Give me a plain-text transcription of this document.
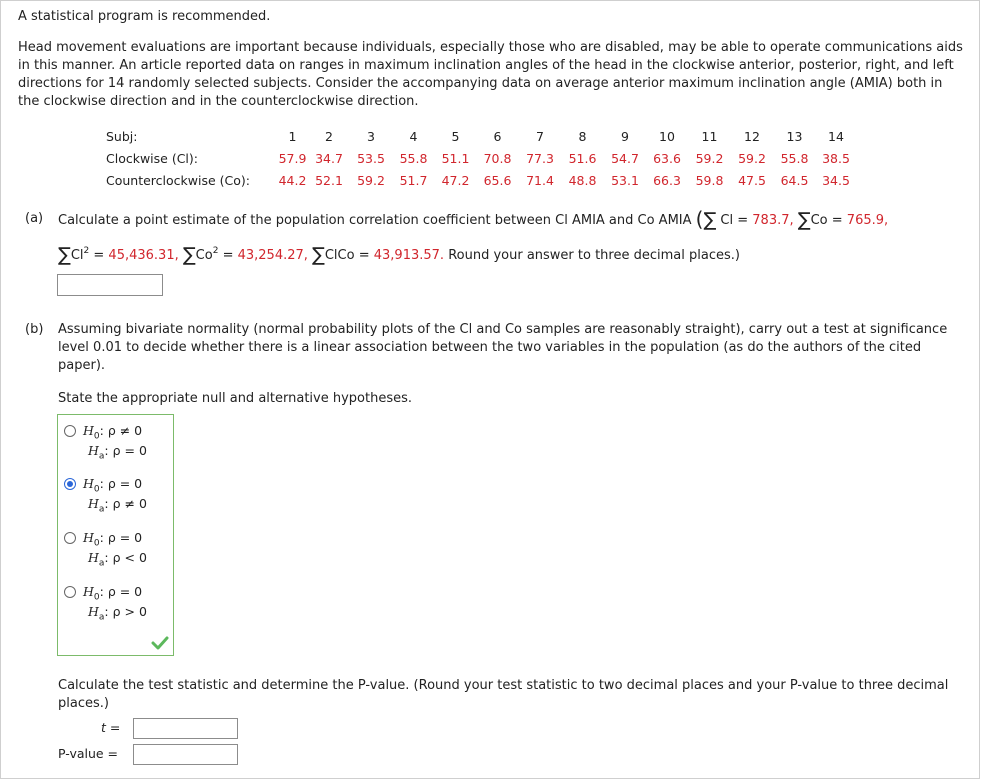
A statistical program is recommended.
Head movement evaluations are important because individuals, especially those who are disabled, may be able to operate communications aids in this manner. An article reported data on ranges in maximum inclination angles of the head in the clockwise anterior, posterior, right, and left directions for 14 randomly selected subjects. Consider the accompanying data on average anterior maximum inclination angle (AMIA) both in the clockwise direction and in the counterclockwise direction.
Subj:	1	2	3	4	5	6	7	8	9	10	11	12	13	14
Clockwise (Cl):	57.9	34.7	53.5	55.8	51.1	70.8	77.3	51.6	54.7	63.6	59.2	59.2	55.8	38.5
Counterclockwise (Co):	44.2	52.1	59.2	51.7	47.2	65.6	71.4	48.8	53.1	66.3	59.8	47.5	64.5	34.5
(a) Calculate a point estimate of the population correlation coefficient between Cl AMIA and Co AMIA (∑ Cl = 783.7, ∑Co = 765.9,
$\sum Cl^2 = 45,436.31$, $\sum Co^2 = 43,254.27$, ∑ClCo = 43,913.57. Round your answer to three decimal places.)
(b) Assuming bivariate normality (normal probability plots of the Cl and Co samples are reasonably straight), carry out a test at significance level 0.01 to decide whether there is a linear association between the two variables in the population (as do the authors of the cited paper).
State the appropriate null and alternative hypotheses.
$H_0$: ρ ≠ 0
$H_a$: ρ = 0
$H_0$: ρ = 0
$H_a$: ρ ≠ 0
$H_0$: ρ = 0
$H_a$: ρ < 0
$H_0$: ρ = 0
$H_a$: ρ > 0
Calculate the test statistic and determine the P-value. (Round your test statistic to two decimal places and your P-value to three decimal places.)
t =
P-value =
